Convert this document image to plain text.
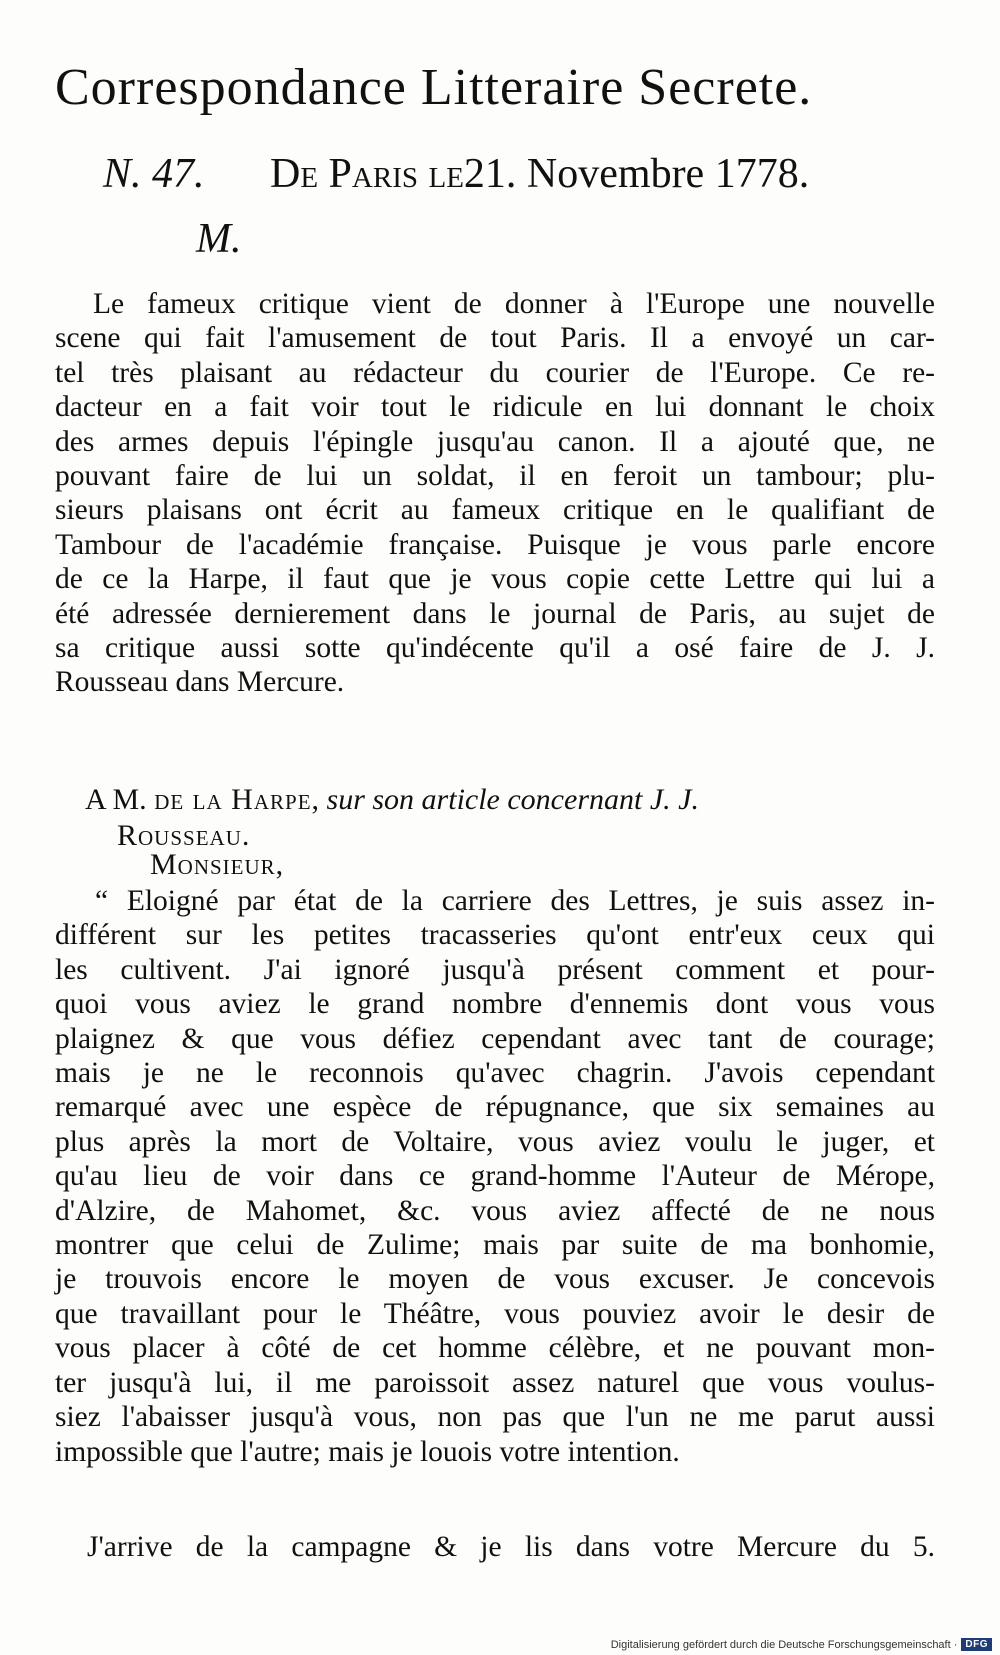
Correspondance Litteraire Secrete.
N. 47. De Paris le21. Novembre 1778.
M.
Le fameux critique vient de donner à l'Europe une nouvelle
scene qui fait l'amusement de tout Paris. Il a envoyé un car-
tel très plaisant au rédacteur du courier de l'Europe. Ce re-
dacteur en a fait voir tout le ridicule en lui donnant le choix
des armes depuis l'épingle jusqu'au canon. Il a ajouté que, ne
pouvant faire de lui un soldat, il en feroit un tambour; plu-
sieurs plaisans ont écrit au fameux critique en le qualifiant de
Tambour de l'académie française. Puisque je vous parle encore
de ce la Harpe, il faut que je vous copie cette Lettre qui lui a
été adressée dernierement dans le journal de Paris, au sujet de
sa critique aussi sotte qu'indécente qu'il a osé faire de J. J.
Rousseau dans Mercure.
A M. de la Harpe, sur son article concernant J. J.
Rousseau.
Monsieur,
“ Eloigné par état de la carriere des Lettres, je suis assez in-
différent sur les petites tracasseries qu'ont entr'eux ceux qui
les cultivent. J'ai ignoré jusqu'à présent comment et pour-
quoi vous aviez le grand nombre d'ennemis dont vous vous
plaignez & que vous défiez cependant avec tant de courage;
mais je ne le reconnois qu'avec chagrin. J'avois cependant
remarqué avec une espèce de répugnance, que six semaines au
plus après la mort de Voltaire, vous aviez voulu le juger, et
qu'au lieu de voir dans ce grand-homme l'Auteur de Mérope,
d'Alzire, de Mahomet, &c. vous aviez affecté de ne nous
montrer que celui de Zulime; mais par suite de ma bonhomie,
je trouvois encore le moyen de vous excuser. Je concevois
que travaillant pour le Théâtre, vous pouviez avoir le desir de
vous placer à côté de cet homme célèbre, et ne pouvant mon-
ter jusqu'à lui, il me paroissoit assez naturel que vous voulus-
siez l'abaisser jusqu'à vous, non pas que l'un ne me parut aussi
impossible que l'autre; mais je louois votre intention.
J'arrive de la campagne & je lis dans votre Mercure du 5.
Digitalisierung gefördert durch die Deutsche Forschungsgemeinschaft · DFG
